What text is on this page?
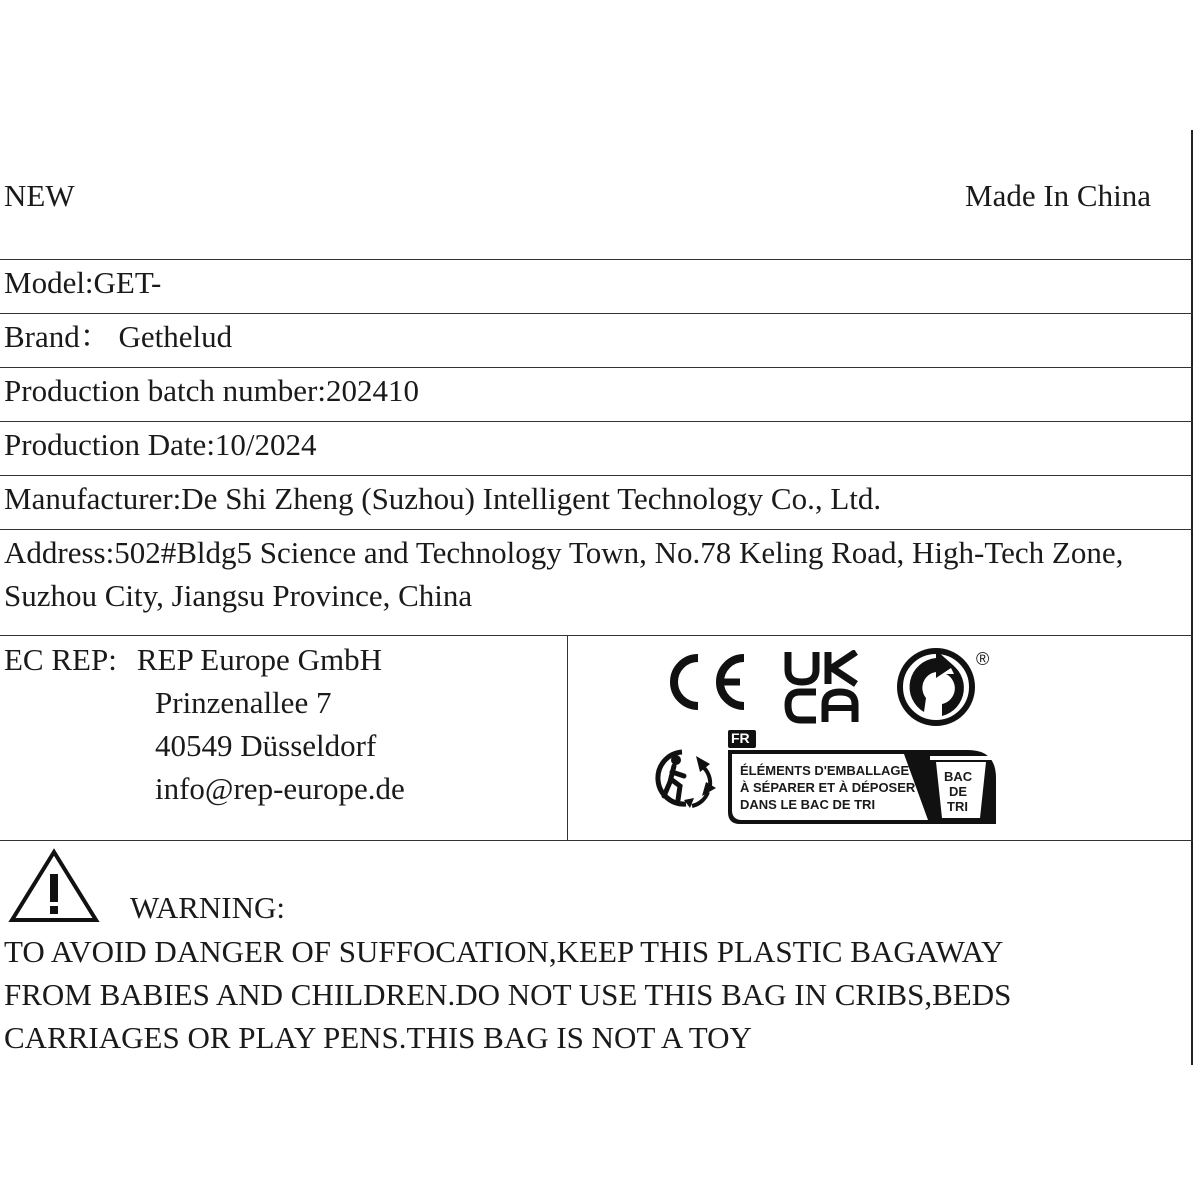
NEW	Made In China
Model:GET-
Brand： Gethelud
Production batch number:202410
Production Date:10/2024
Manufacturer:De Shi Zheng (Suzhou) Intelligent Technology Co., Ltd.
Address:502#Bldg5 Science and Technology Town, No.78 Keling Road, High-Tech Zone, Suzhou City, Jiangsu Province, China
EC REP: REP Europe GmbH
Prinzenallee 7
40549 Düsseldorf
info@rep-europe.de
®
FR
ÉLÉMENTS D'EMBALLAGE
À SÉPARER ET À DÉPOSER
DANS LE BAC DE TRI
BAC
DE
TRI
WARNING:
TO AVOID DANGER OF SUFFOCATION,KEEP THIS PLASTIC BAGAWAY
FROM BABIES AND CHILDREN.DO NOT USE THIS BAG IN CRIBS,BEDS
CARRIAGES OR PLAY PENS.THIS BAG IS NOT A TOY
